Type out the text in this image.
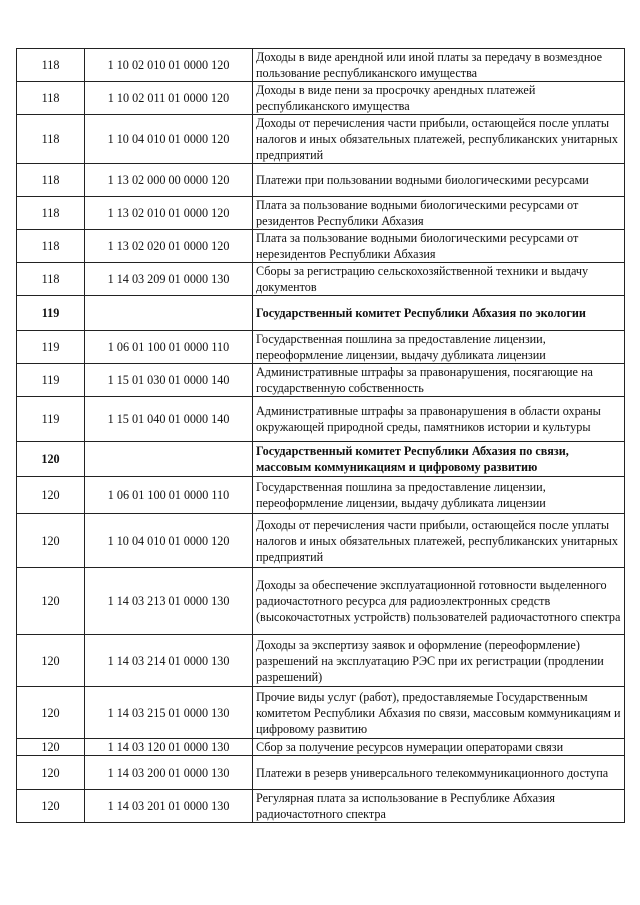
118	1 10 02 010 01 0000 120	Доходы в виде арендной или иной платы за передачу в возмездное пользование республиканского имущества
118	1 10 02 011 01 0000 120	Доходы в виде пени за просрочку арендных платежей республиканского имущества
118	1 10 04 010 01 0000 120	Доходы от перечисления части прибыли, остающейся после уплаты налогов и иных обязательных платежей, республиканских унитарных предприятий
118	1 13 02 000 00 0000 120	Платежи при пользовании водными биологическими ресурсами
118	1 13 02 010 01 0000 120	Плата за пользование водными биологическими ресурсами от резидентов Республики Абхазия
118	1 13 02 020 01 0000 120	Плата за пользование водными биологическими ресурсами от нерезидентов Республики Абхазия
118	1 14 03 209 01 0000 130	Сборы за регистрацию сельскохозяйственной техники и выдачу документов
119		Государственный комитет Республики Абхазия по экологии
119	1 06 01 100 01 0000 110	Государственная пошлина за предоставление лицензии, переоформление лицензии, выдачу дубликата лицензии
119	1 15 01 030 01 0000 140	Административные штрафы за правонарушения, посягающие на государственную собственность
119	1 15 01 040 01 0000 140	Административные штрафы за правонарушения в области охраны окружающей природной среды, памятников истории и культуры
120		Государственный комитет Республики Абхазия по связи, массовым коммуникациям и цифровому развитию
120	1 06 01 100 01 0000 110	Государственная пошлина за предоставление лицензии, переоформление лицензии, выдачу дубликата лицензии
120	1 10 04 010 01 0000 120	Доходы от перечисления части прибыли, остающейся после уплаты налогов и иных обязательных платежей, республиканских унитарных предприятий
120	1 14 03 213 01 0000 130	Доходы за обеспечение эксплуатационной готовности выделенного радиочастотного ресурса для радиоэлектронных средств (высокочастотных устройств) пользователей радиочастотного спектра
120	1 14 03 214 01 0000 130	Доходы за экспертизу заявок и оформление (переоформление) разрешений на эксплуатацию РЭС при их регистрации (продлении разрешений)
120	1 14 03 215 01 0000 130	Прочие виды услуг (работ), предоставляемые Государственным комитетом Республики Абхазия по связи, массовым коммуникациям и цифровому развитию
120	1 14 03 120 01 0000 130	Сбор за получение ресурсов нумерации операторами связи
120	1 14 03 200 01 0000 130	Платежи в резерв универсального телекоммуникационного доступа
120	1 14 03 201 01 0000 130	Регулярная плата за использование в Республике Абхазия радиочастотного спектра
